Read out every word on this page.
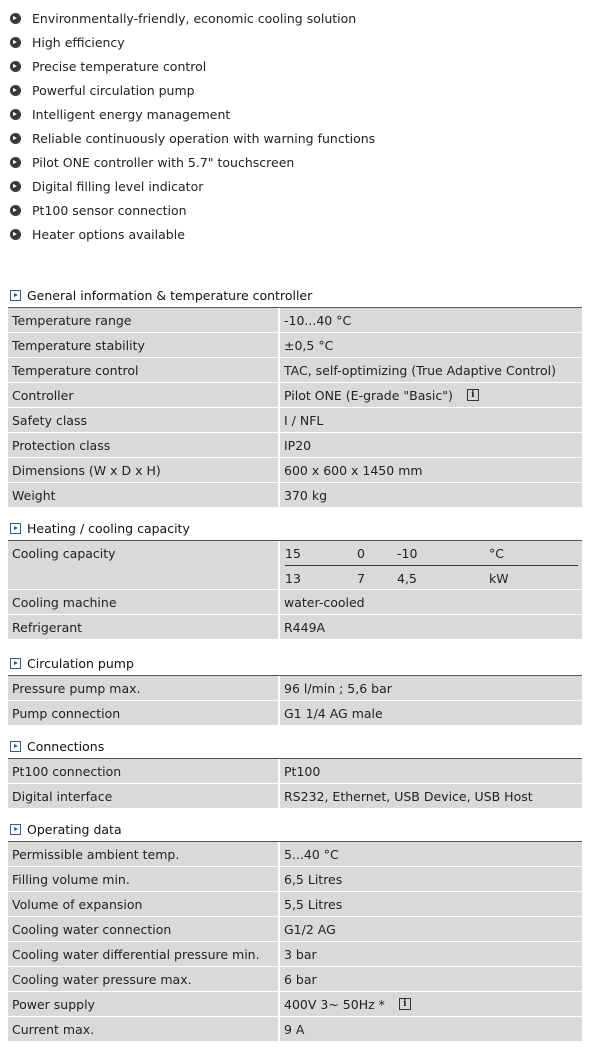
Environmentally-friendly, economic cooling solution
High efficiency
Precise temperature control
Powerful circulation pump
Intelligent energy management
Reliable continuously operation with warning functions
Pilot ONE controller with 5.7" touchscreen
Digital filling level indicator
Pt100 sensor connection
Heater options available
General information & temperature controller
Temperature range	-10...40 °C
Temperature stability	±0,5 °C
Temperature control	TAC, self-optimizing (True Adaptive Control)
Controller	Pilot ONE (E-grade "Basic")	i
Safety class	I / NFL
Protection class	IP20
Dimensions (W x D x H)	600 x 600 x 1450 mm
Weight	370 kg
Heating / cooling capacity
Cooling capacity	15	0	-10	°C
13	7	4,5	kW
Cooling machine	water-cooled
Refrigerant	R449A
Circulation pump
Pressure pump max.	96 l/min ; 5,6 bar
Pump connection	G1 1/4 AG male
Connections
Pt100 connection	Pt100
Digital interface	RS232, Ethernet, USB Device, USB Host
Operating data
Permissible ambient temp.	5...40 °C
Filling volume min.	6,5 Litres
Volume of expansion	5,5 Litres
Cooling water connection	G1/2 AG
Cooling water differential pressure min.	3 bar
Cooling water pressure max.	6 bar
Power supply	400V 3~ 50Hz *	i
Current max.	9 A
